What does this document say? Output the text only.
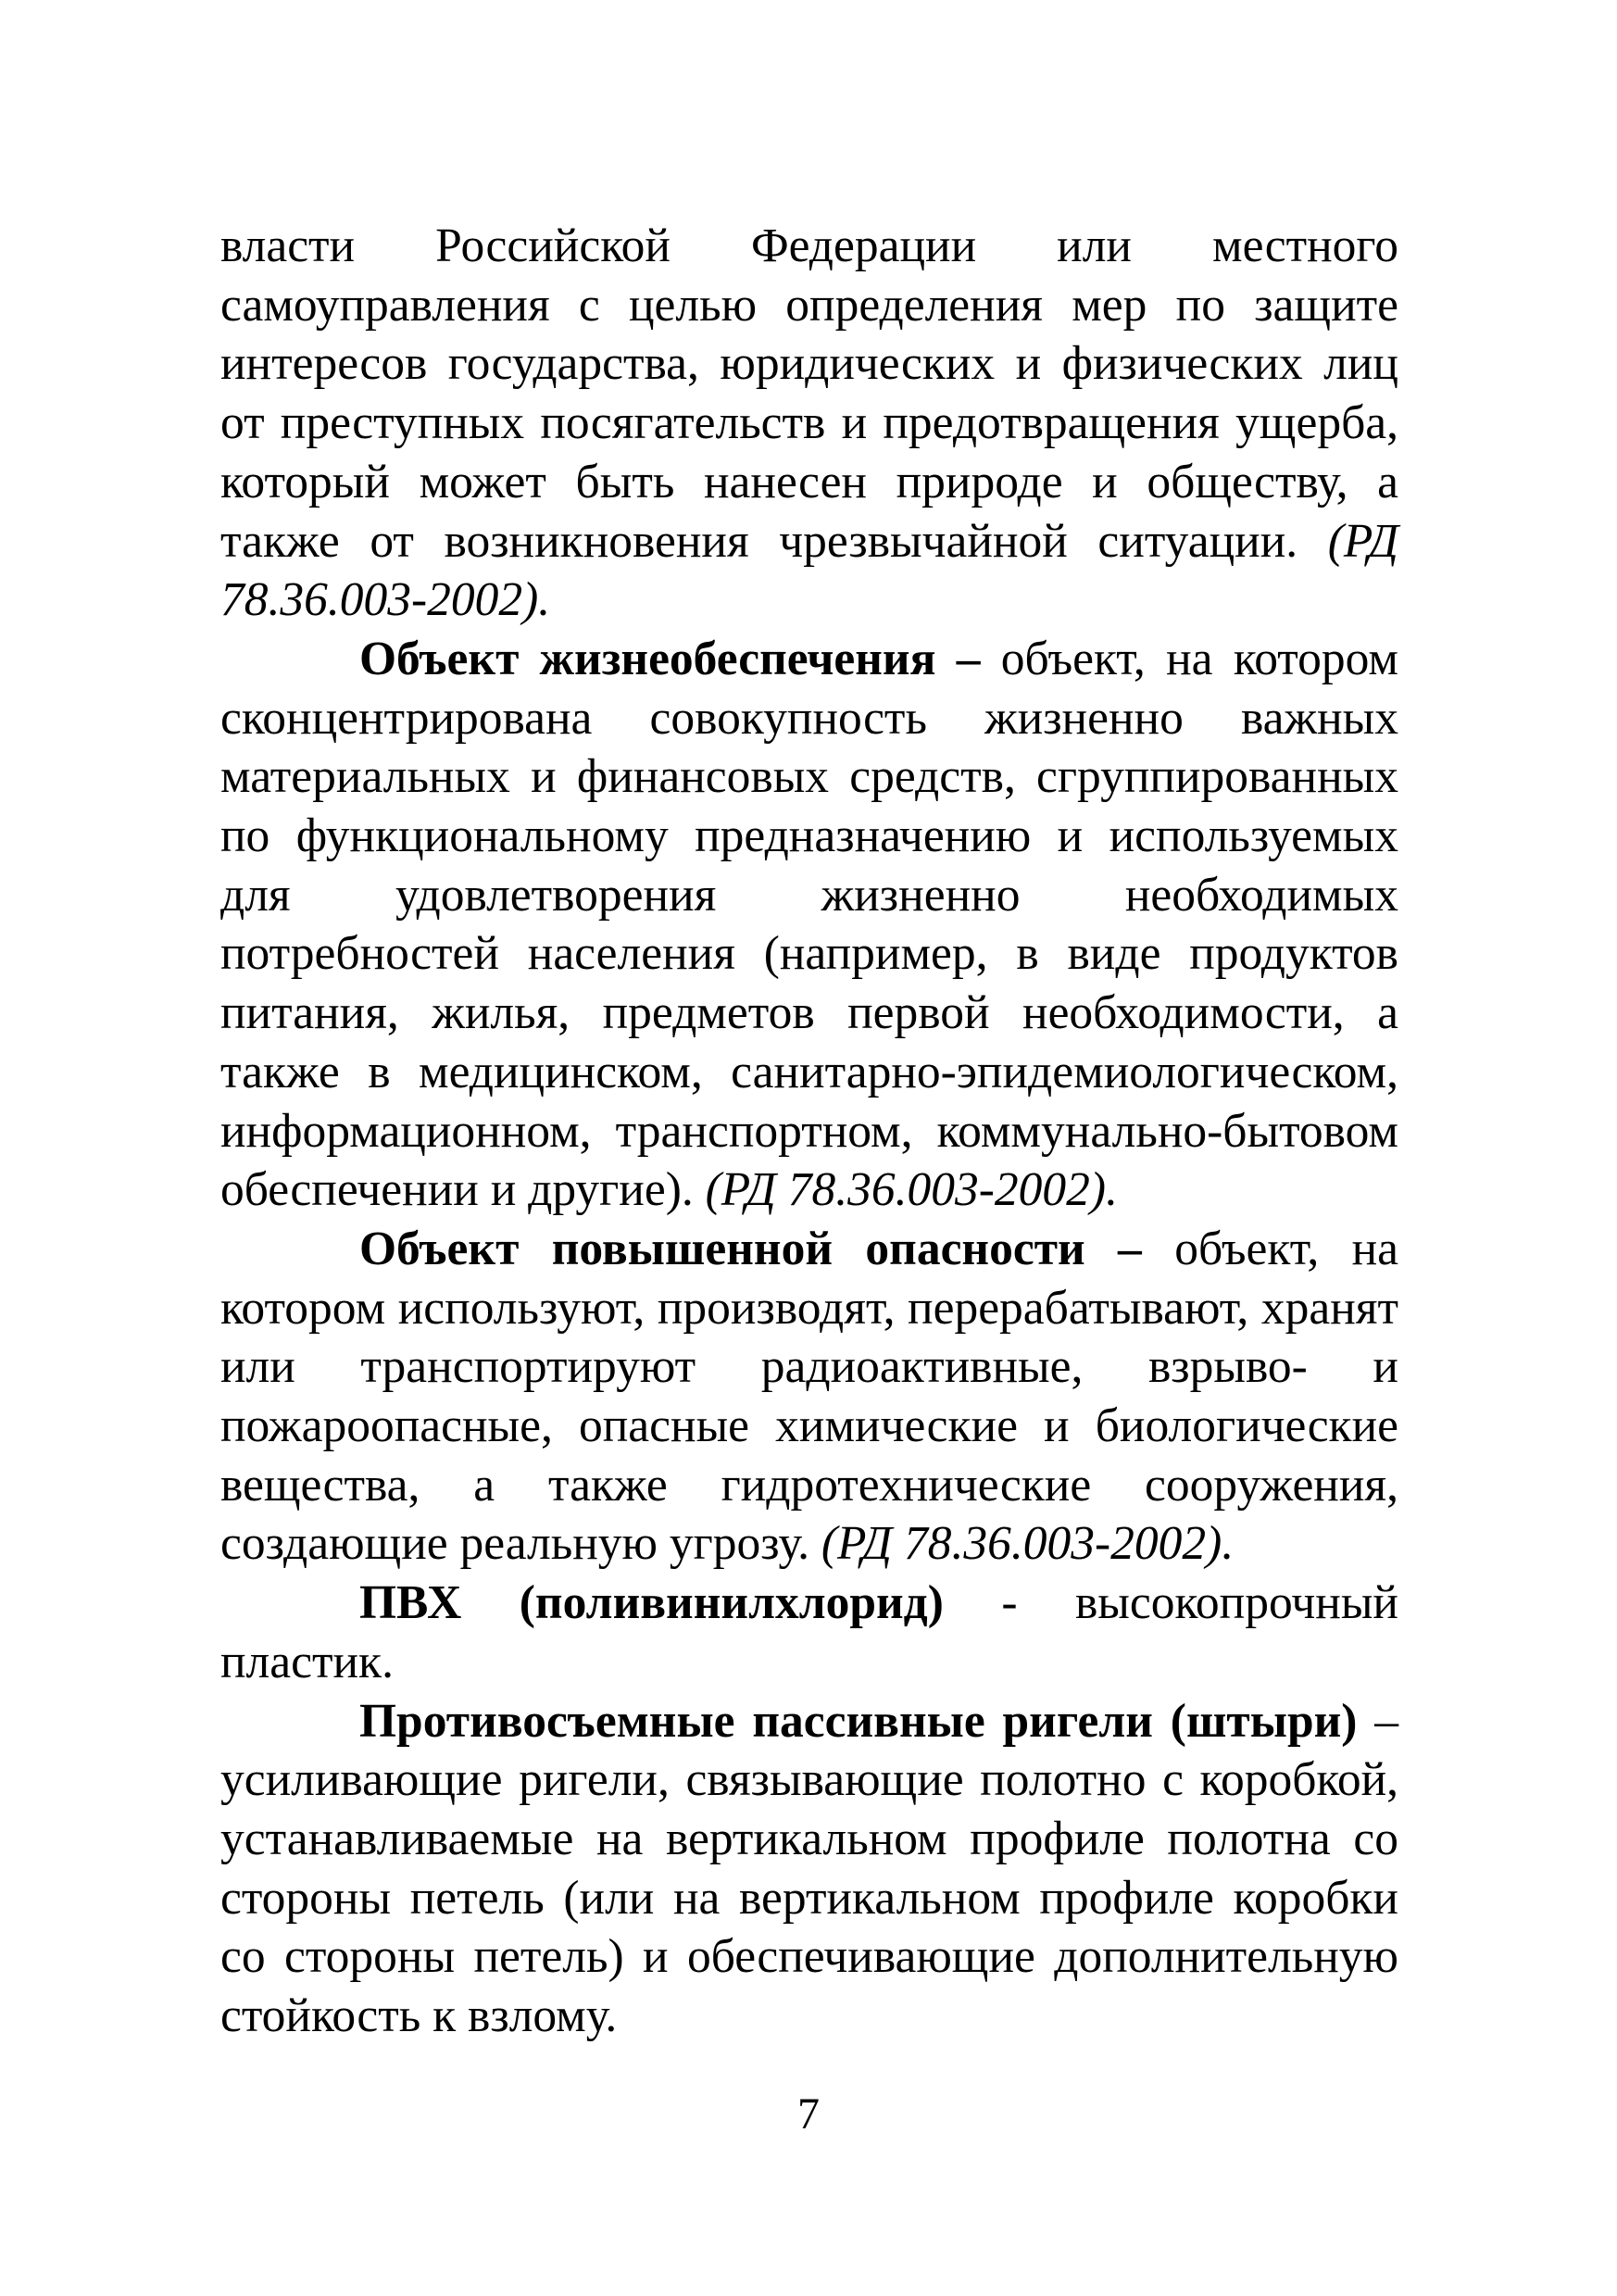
власти Российской Федерации или местного самоуправления с целью определения мер по защите интересов государства, юридических и физических лиц от преступных посягательств и предотвращения ущерба, который может быть нанесен природе и обществу, а также от возникновения чрезвычайной ситуации. (РД 78.36.003-2002).

Объект жизнеобеспечения – объект, на котором сконцентрирована совокупность жизненно важных материальных и финансовых средств, сгруппированных по функциональному предназначению и используемых для удовлетворения жизненно необходимых потребностей населения (например, в виде продуктов питания, жилья, предметов первой необходимости, а также в медицинском, санитарно-эпидемиологическом, информационном, транспортном, коммунально-бытовом обеспечении и другие). (РД 78.36.003-2002).

Объект повышенной опасности – объект, на котором используют, производят, перерабатывают, хранят или транспортируют радиоактивные, взрыво- и пожароопасные, опасные химические и биологические вещества, а также гидротехнические сооружения, создающие реальную угрозу. (РД 78.36.003-2002).

ПВХ (поливинилхлорид) - высокопрочный пластик.

Противосъемные пассивные ригели (штыри) – усиливающие ригели, связывающие полотно с коробкой, устанавливаемые на вертикальном профиле полотна со стороны петель (или на вертикальном профиле коробки со стороны петель) и обеспечивающие дополнительную стойкость к взлому.

7
